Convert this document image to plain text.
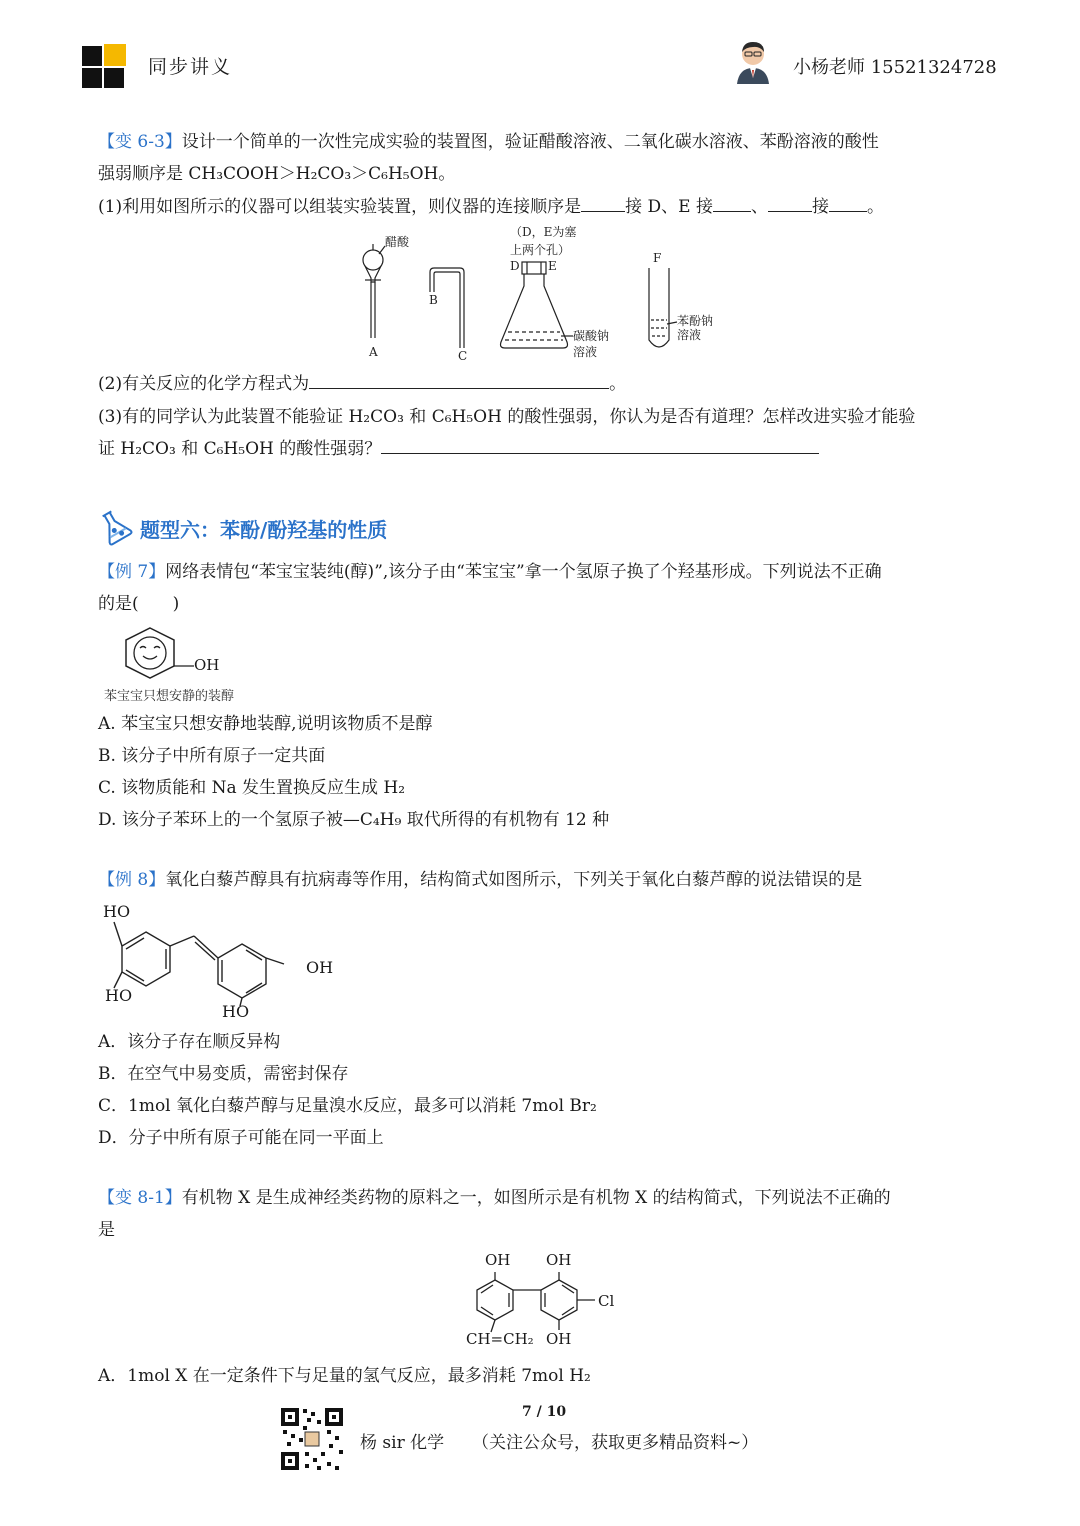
同步讲义	小杨老师 15521324728
【变 6-3】设计一个简单的一次性完成实验的装置图，验证醋酸溶液、二氧化碳水溶液、苯酚溶液的酸性
强弱顺序是 CH₃COOH＞H₂CO₃＞C₆H₅OH。
(1)利用如图所示的仪器可以组装实验装置，则仪器的连接顺序是	接 D、E 接 、	接 。
醋酸
A
B
C
（D，E为塞
上两个孔）
D E
碳酸钠
溶液
F
苯酚钠
溶液
(2)有关反应的化学方程式为	。
(3)有的同学认为此装置不能验证 H₂CO₃ 和 C₆H₅OH 的酸性强弱，你认为是否有道理？怎样改进实验才能验
证 H₂CO₃ 和 C₆H₅OH 的酸性强弱？
题型六：苯酚/酚羟基的性质
【例 7】网络表情包“苯宝宝装纯(醇)”,该分子由“苯宝宝”拿一个氢原子换了个羟基形成。下列说法不正确
的是(　　)
OH
苯宝宝只想安静的装醇
A. 苯宝宝只想安静地装醇,说明该物质不是醇
B. 该分子中所有原子一定共面
C. 该物质能和 Na 发生置换反应生成 H₂
D. 该分子苯环上的一个氢原子被—C₄H₉ 取代所得的有机物有 12 种
【例 8】氧化白藜芦醇具有抗病毒等作用，结构简式如图所示，下列关于氧化白藜芦醇的说法错误的是
HO
HO
OH
HO
A．该分子存在顺反异构
B．在空气中易变质，需密封保存
C．1mol 氧化白藜芦醇与足量溴水反应，最多可以消耗 7mol Br₂
D．分子中所有原子可能在同一平面上
【变 8-1】有机物 X 是生成神经类药物的原料之一，如图所示是有机物 X 的结构简式，下列说法不正确的
是
OH OH
Cl
CH=CH₂ OH
A．1mol X 在一定条件下与足量的氢气反应，最多消耗 7mol H₂
7 / 10
杨 sir 化学 （关注公众号，获取更多精品资料~）
